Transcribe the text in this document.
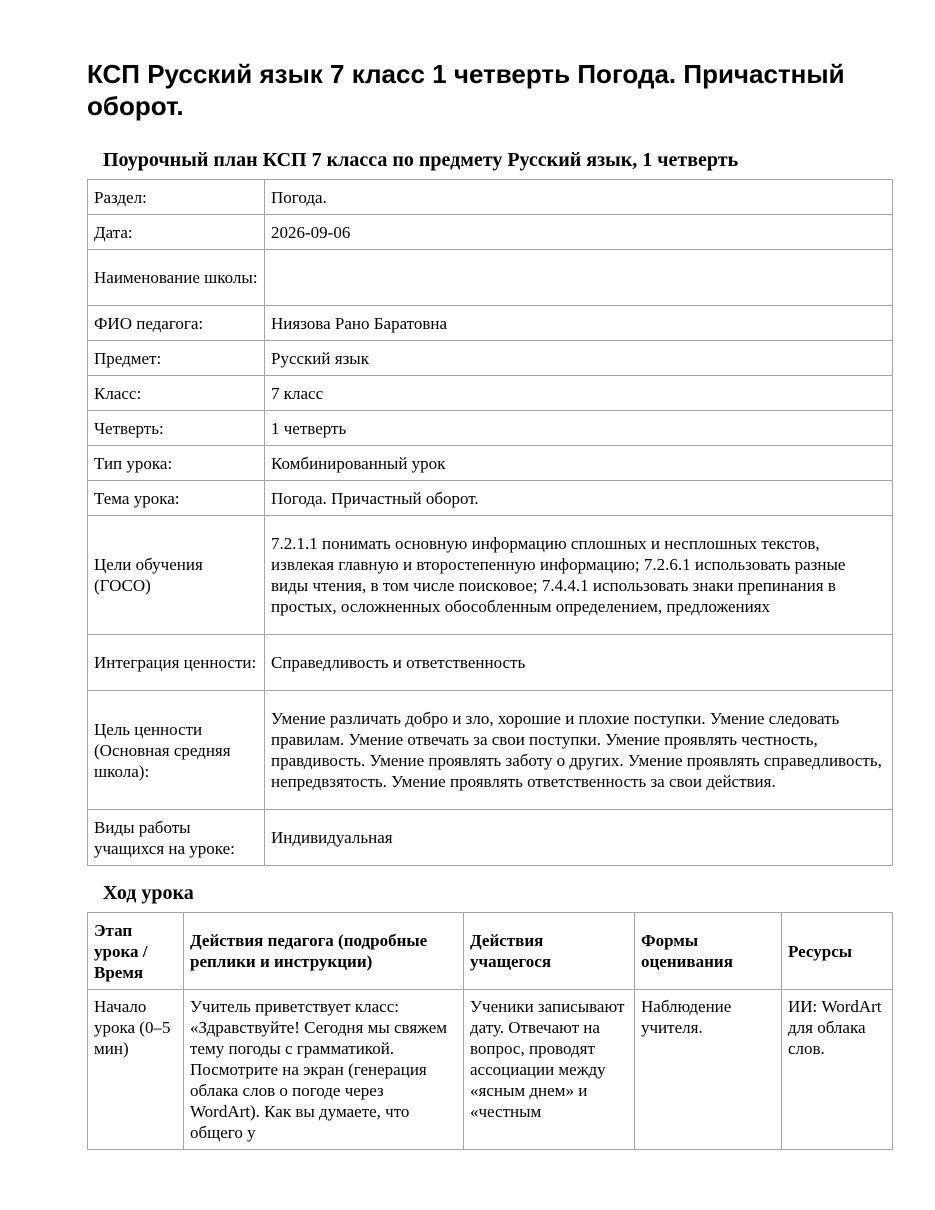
КСП Русский язык 7 класс 1 четверть Погода. Причастный оборот.
Поурочный план КСП 7 класса по предмету Русский язык, 1 четверть
Раздел:	Погода.
Дата:	2026-09-06
Наименование школы:	
ФИО педагога:	Ниязова Рано Баратовна
Предмет:	Русский язык
Класс:	7 класс
Четверть:	1 четверть
Тип урока:	Комбинированный урок
Тема урока:	Погода. Причастный оборот.
Цели обучения (ГОСО)	7.2.1.1 понимать основную информацию сплошных и несплошных текстов, извлекая главную и второстепенную информацию; 7.2.6.1 использовать разные виды чтения, в том числе поисковое; 7.4.4.1 использовать знаки препинания в простых, осложненных обособленным определением, предложениях
Интеграция ценности:	Справедливость и ответственность
Цель ценности (Основная средняя школа):	Умение различать добро и зло, хорошие и плохие поступки. Умение следовать правилам. Умение отвечать за свои поступки. Умение проявлять честность, правдивость. Умение проявлять заботу о других. Умение проявлять справедливость, непредвзятость. Умение проявлять ответственность за свои действия.
Виды работы учащихся на уроке:	Индивидуальная
Ход урока
Этап урока / Время	Действия педагога (подробные реплики и инструкции)	Действия учащегося	Формы оценивания	Ресурсы
Начало урока (0–5 мин)	Учитель приветствует класс: «Здравствуйте! Сегодня мы свяжем тему погоды с грамматикой. Посмотрите на экран (генерация облака слов о погоде через WordArt). Как вы думаете, что общего у	Ученики записывают дату. Отвечают на вопрос, проводят ассоциации между «ясным днем» и «честным	Наблюдение учителя.	ИИ: WordArt для облака слов.
